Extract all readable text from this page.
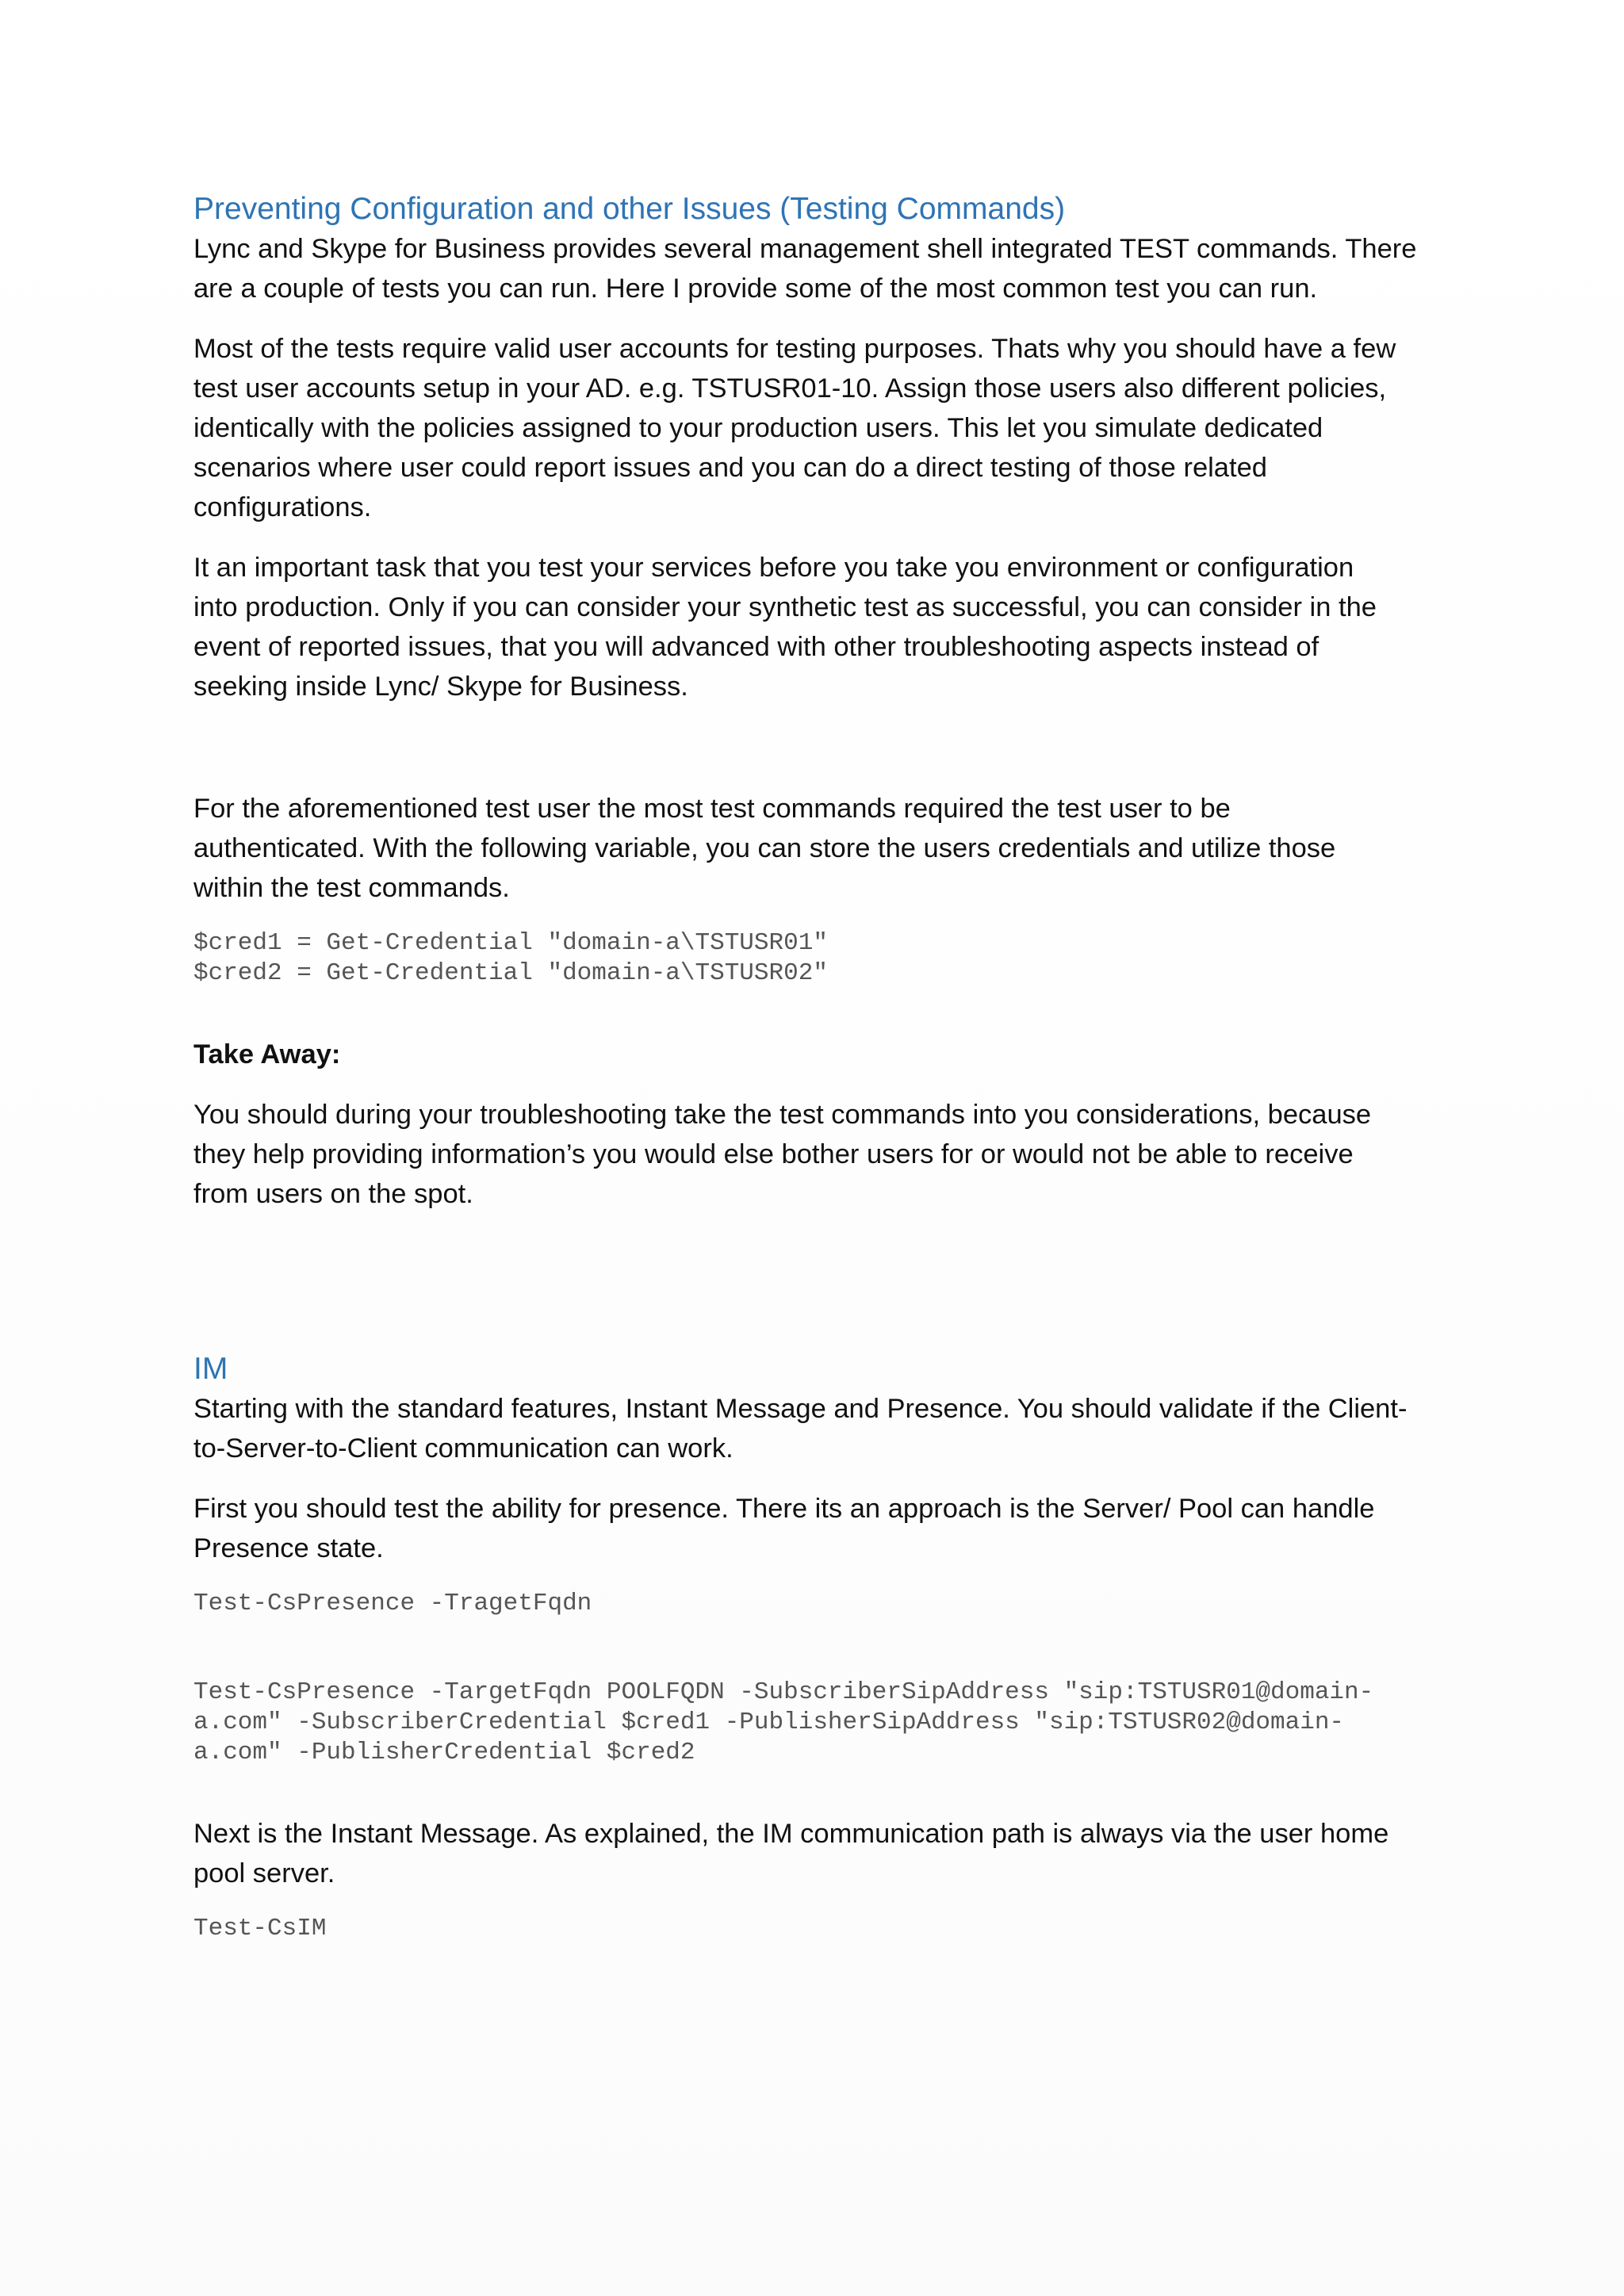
Preventing Configuration and other Issues (Testing Commands)

Lync and Skype for Business provides several management shell integrated TEST commands. There
are a couple of tests you can run. Here I provide some of the most common test you can run.

Most of the tests require valid user accounts for testing purposes. Thats why you should have a few
test user accounts setup in your AD. e.g. TSTUSR01-10. Assign those users also different policies,
identically with the policies assigned to your production users. This let you simulate dedicated
scenarios where user could report issues and you can do a direct testing of those related
configurations.

It an important task that you test your services before you take you environment or configuration
into production. Only if you can consider your synthetic test as successful, you can consider in the
event of reported issues, that you will advanced with other troubleshooting aspects instead of
seeking inside Lync/ Skype for Business.

For the aforementioned test user the most test commands required the test user to be
authenticated. With the following variable, you can store the users credentials and utilize those
within the test commands.

$cred1 = Get-Credential "domain-a\TSTUSR01"
$cred2 = Get-Credential "domain-a\TSTUSR02"

Take Away:

You should during your troubleshooting take the test commands into you considerations, because
they help providing information’s you would else bother users for or would not be able to receive
from users on the spot.

IM

Starting with the standard features, Instant Message and Presence. You should validate if the Client-
to-Server-to-Client communication can work.

First you should test the ability for presence. There its an approach is the Server/ Pool can handle
Presence state.

Test-CsPresence -TragetFqdn
Test-CsPresence -TargetFqdn POOLFQDN -SubscriberSipAddress "sip:TSTUSR01@domain-
a.com" -SubscriberCredential $cred1 -PublisherSipAddress "sip:TSTUSR02@domain-
a.com" -PublisherCredential $cred2

Next is the Instant Message. As explained, the IM communication path is always via the user home
pool server.

Test-CsIM
